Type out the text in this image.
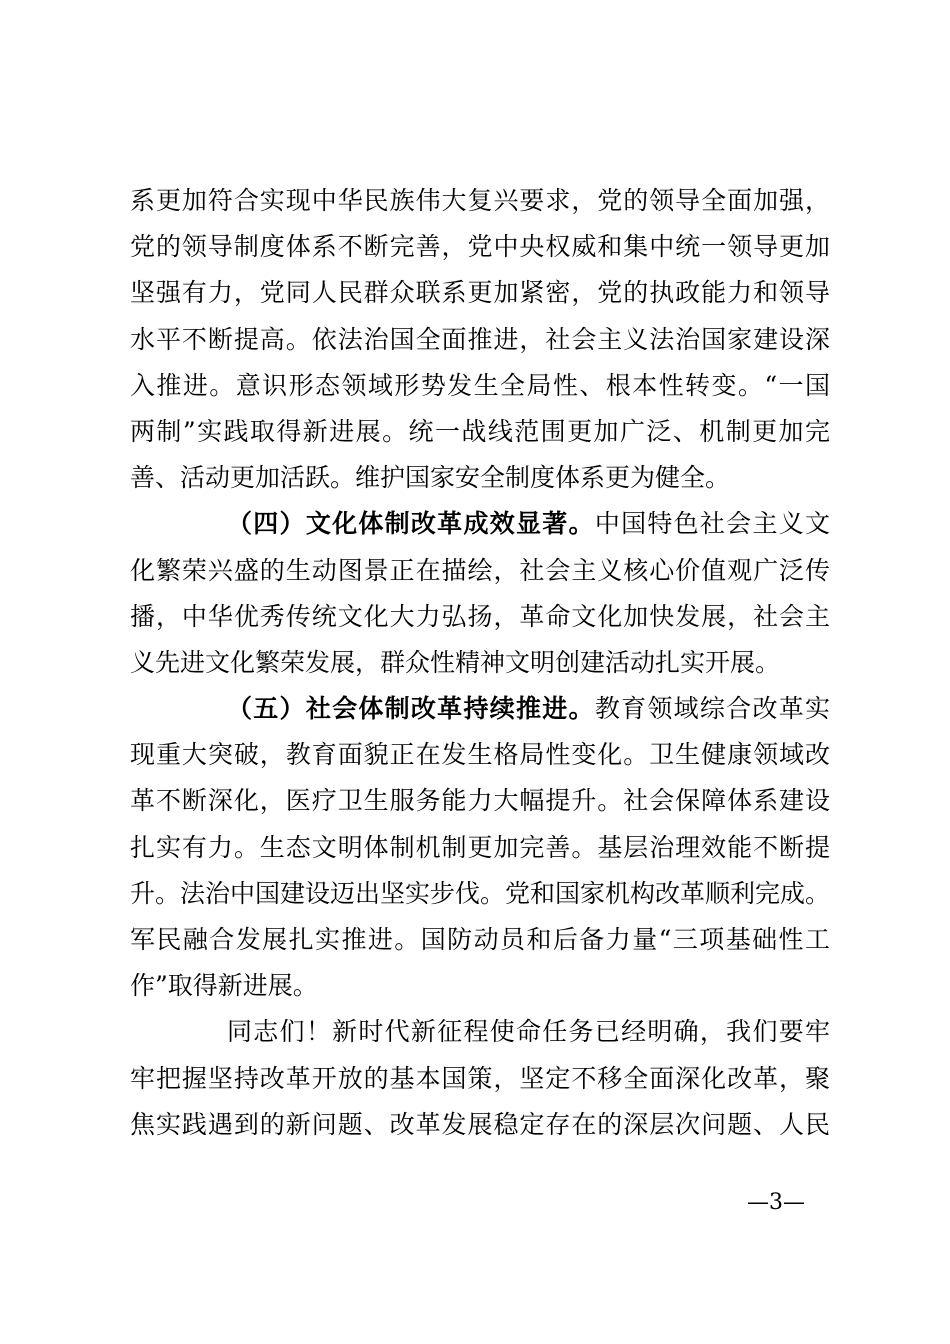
系更加符合实现中华民族伟大复兴要求，党的领导全面加强，
党的领导制度体系不断完善，党中央权威和集中统一领导更加
坚强有力，党同人民群众联系更加紧密，党的执政能力和领导
水平不断提高。依法治国全面推进，社会主义法治国家建设深
入推进。意识形态领域形势发生全局性、根本性转变。“一国
两制”实践取得新进展。统一战线范围更加广泛、机制更加完
善、活动更加活跃。维护国家安全制度体系更为健全。
（四）文化体制改革成效显著。中国特色社会主义文
化繁荣兴盛的生动图景正在描绘，社会主义核心价值观广泛传
播，中华优秀传统文化大力弘扬，革命文化加快发展，社会主
义先进文化繁荣发展，群众性精神文明创建活动扎实开展。
（五）社会体制改革持续推进。教育领域综合改革实
现重大突破，教育面貌正在发生格局性变化。卫生健康领域改
革不断深化，医疗卫生服务能力大幅提升。社会保障体系建设
扎实有力。生态文明体制机制更加完善。基层治理效能不断提
升。法治中国建设迈出坚实步伐。党和国家机构改革顺利完成。
军民融合发展扎实推进。国防动员和后备力量“三项基础性工
作”取得新进展。
同志们！新时代新征程使命任务已经明确，我们要牢
牢把握坚持改革开放的基本国策，坚定不移全面深化改革，聚
焦实践遇到的新问题、改革发展稳定存在的深层次问题、人民
—3—
